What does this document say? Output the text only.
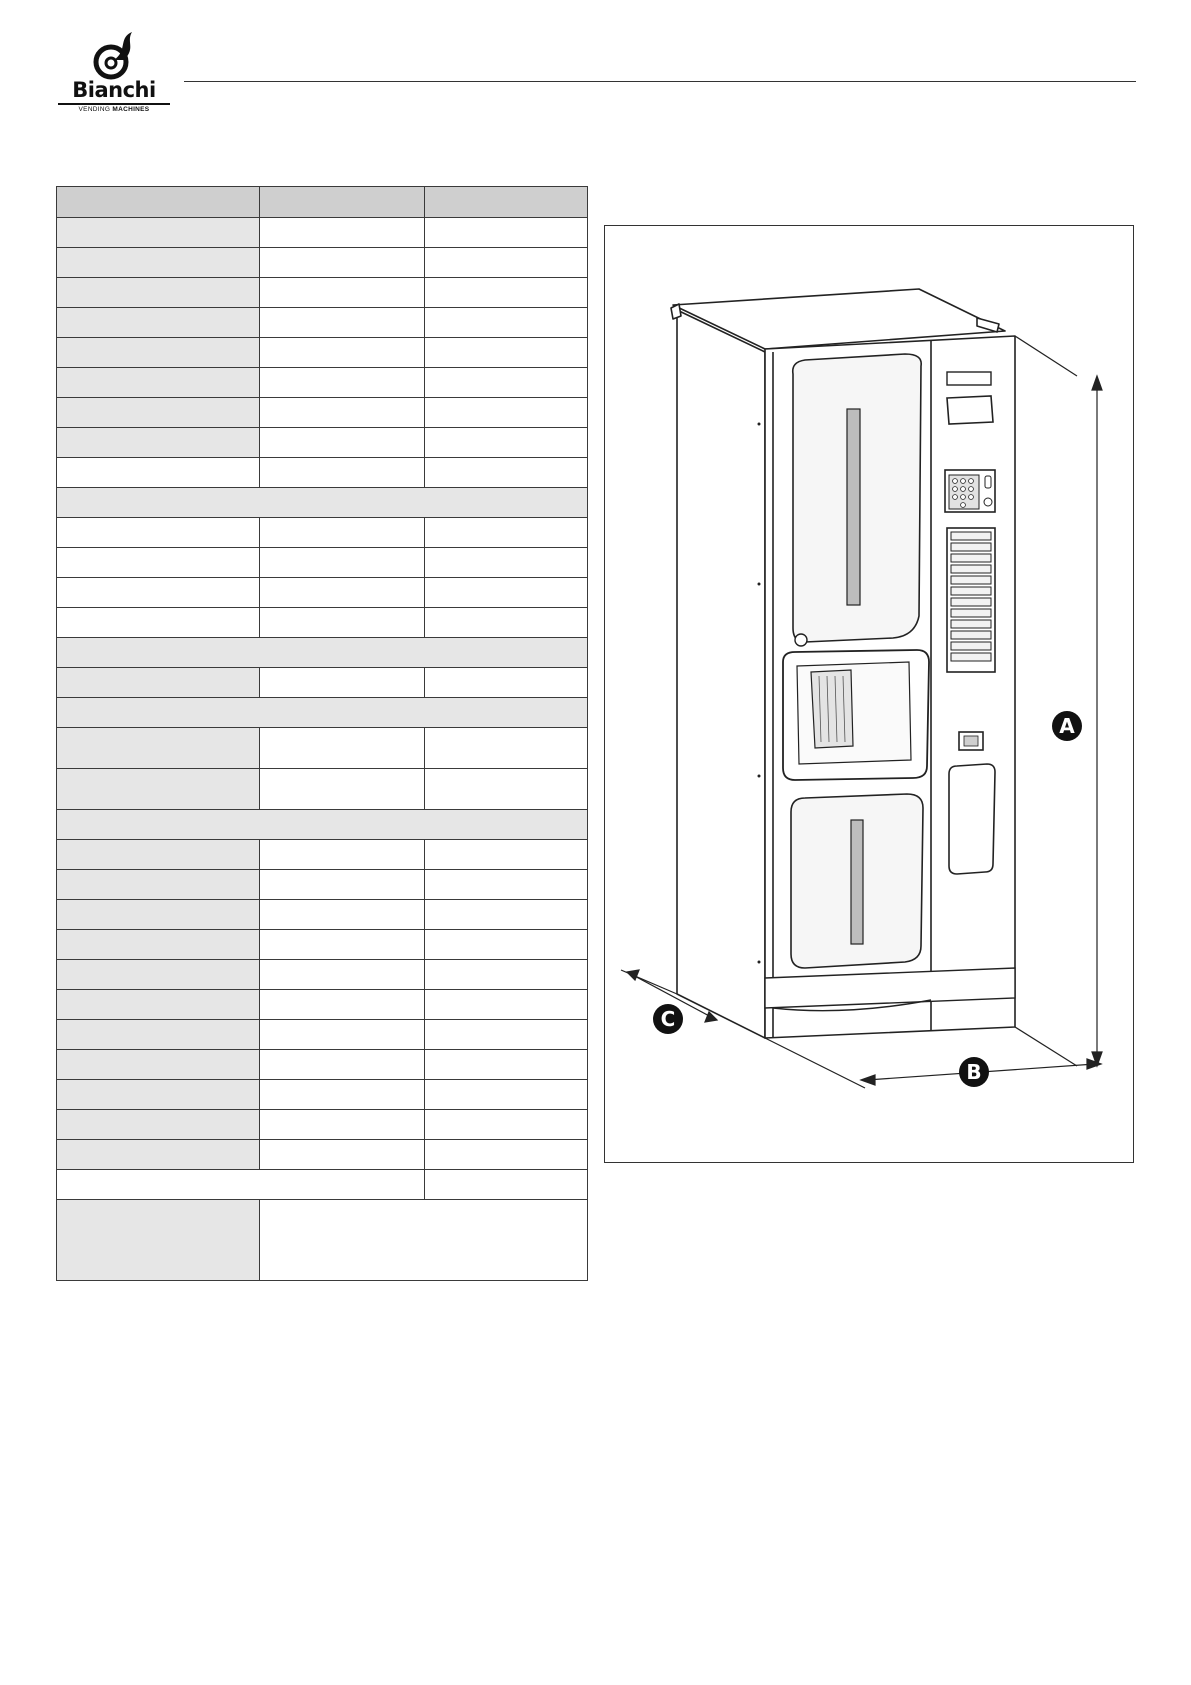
Bianchi
VENDING MACHINES

A
B
C
